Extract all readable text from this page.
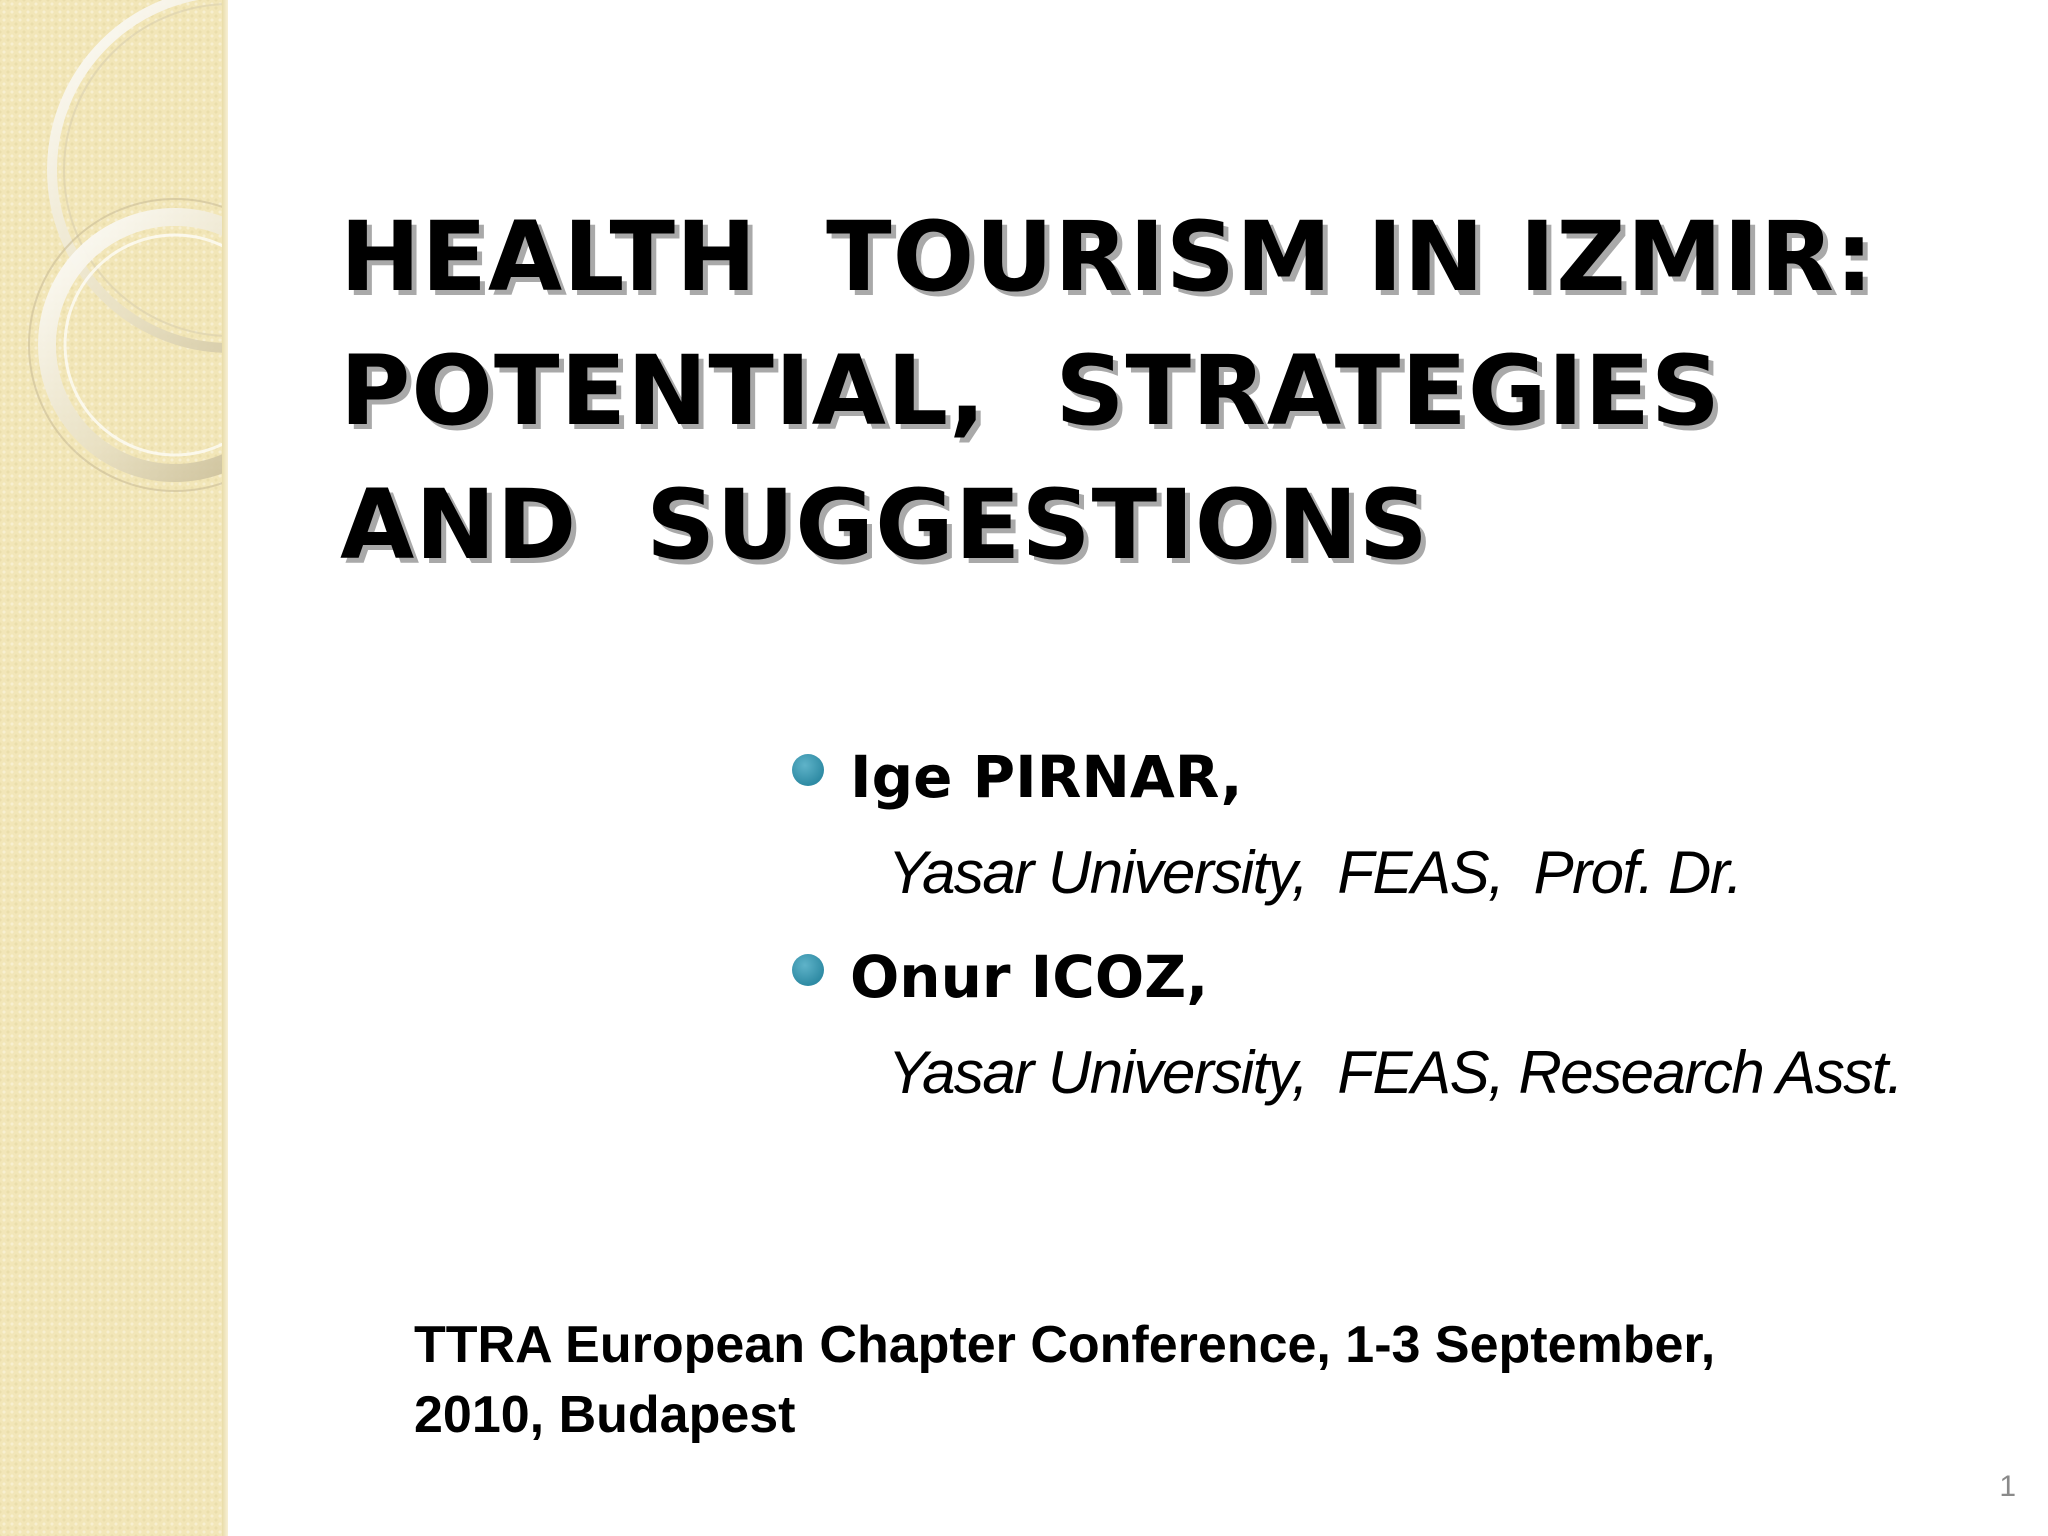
HEALTH  TOURISM IN IZMIR:
POTENTIAL,  STRATEGIES
AND  SUGGESTIONS
Ige PIRNAR,
Yasar University,  FEAS,  Prof. Dr.
Onur ICOZ,
Yasar University,  FEAS, Research Asst.
TTRA European Chapter Conference, 1-3 September,
2010, Budapest
1
